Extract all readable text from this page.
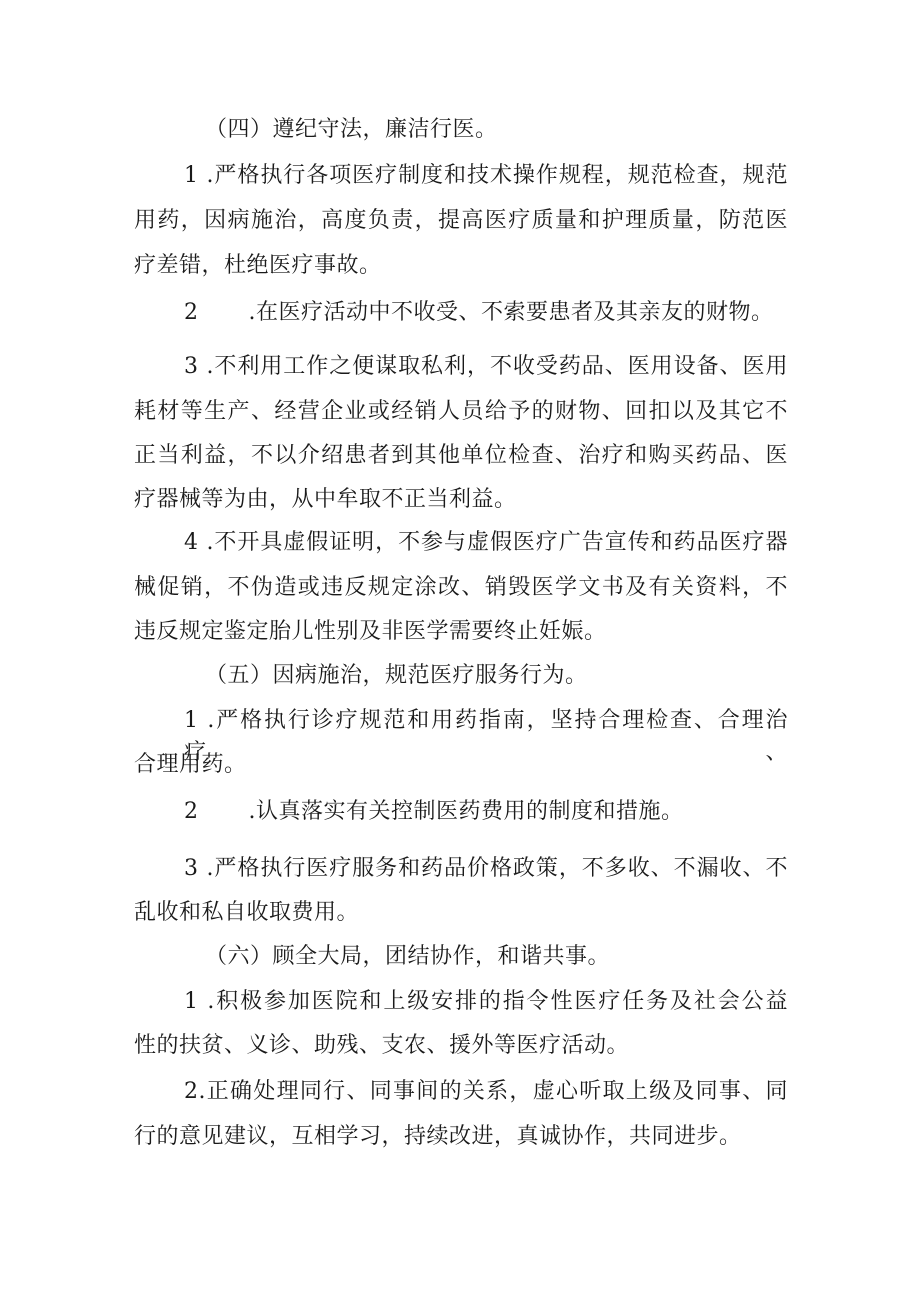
（四）遵纪守法，廉洁行医。
1 .严格执行各项医疗制度和技术操作规程，规范检查，规范
用药，因病施治，高度负责，提高医疗质量和护理质量，防范医
疗差错，杜绝医疗事故。
2 .在医疗活动中不收受、不索要患者及其亲友的财物。
3 .不利用工作之便谋取私利，不收受药品、医用设备、医用
耗材等生产、经营企业或经销人员给予的财物、回扣以及其它不
正当利益，不以介绍患者到其他单位检查、治疗和购买药品、医
疗器械等为由，从中牟取不正当利益。
4 .不开具虚假证明，不参与虚假医疗广告宣传和药品医疗器
械促销，不伪造或违反规定涂改、销毁医学文书及有关资料，不
违反规定鉴定胎儿性别及非医学需要终止妊娠。
（五）因病施治，规范医疗服务行为。
1 .严格执行诊疗规范和用药指南，坚持合理检查、合理治疗、
合理用药。
2 .认真落实有关控制医药费用的制度和措施。
3 .严格执行医疗服务和药品价格政策，不多收、不漏收、不
乱收和私自收取费用。
（六）顾全大局，团结协作，和谐共事。
1 .积极参加医院和上级安排的指令性医疗任务及社会公益
性的扶贫、义诊、助残、支农、援外等医疗活动。
2.正确处理同行、同事间的关系，虚心听取上级及同事、同
行的意见建议，互相学习，持续改进，真诚协作，共同进步。
